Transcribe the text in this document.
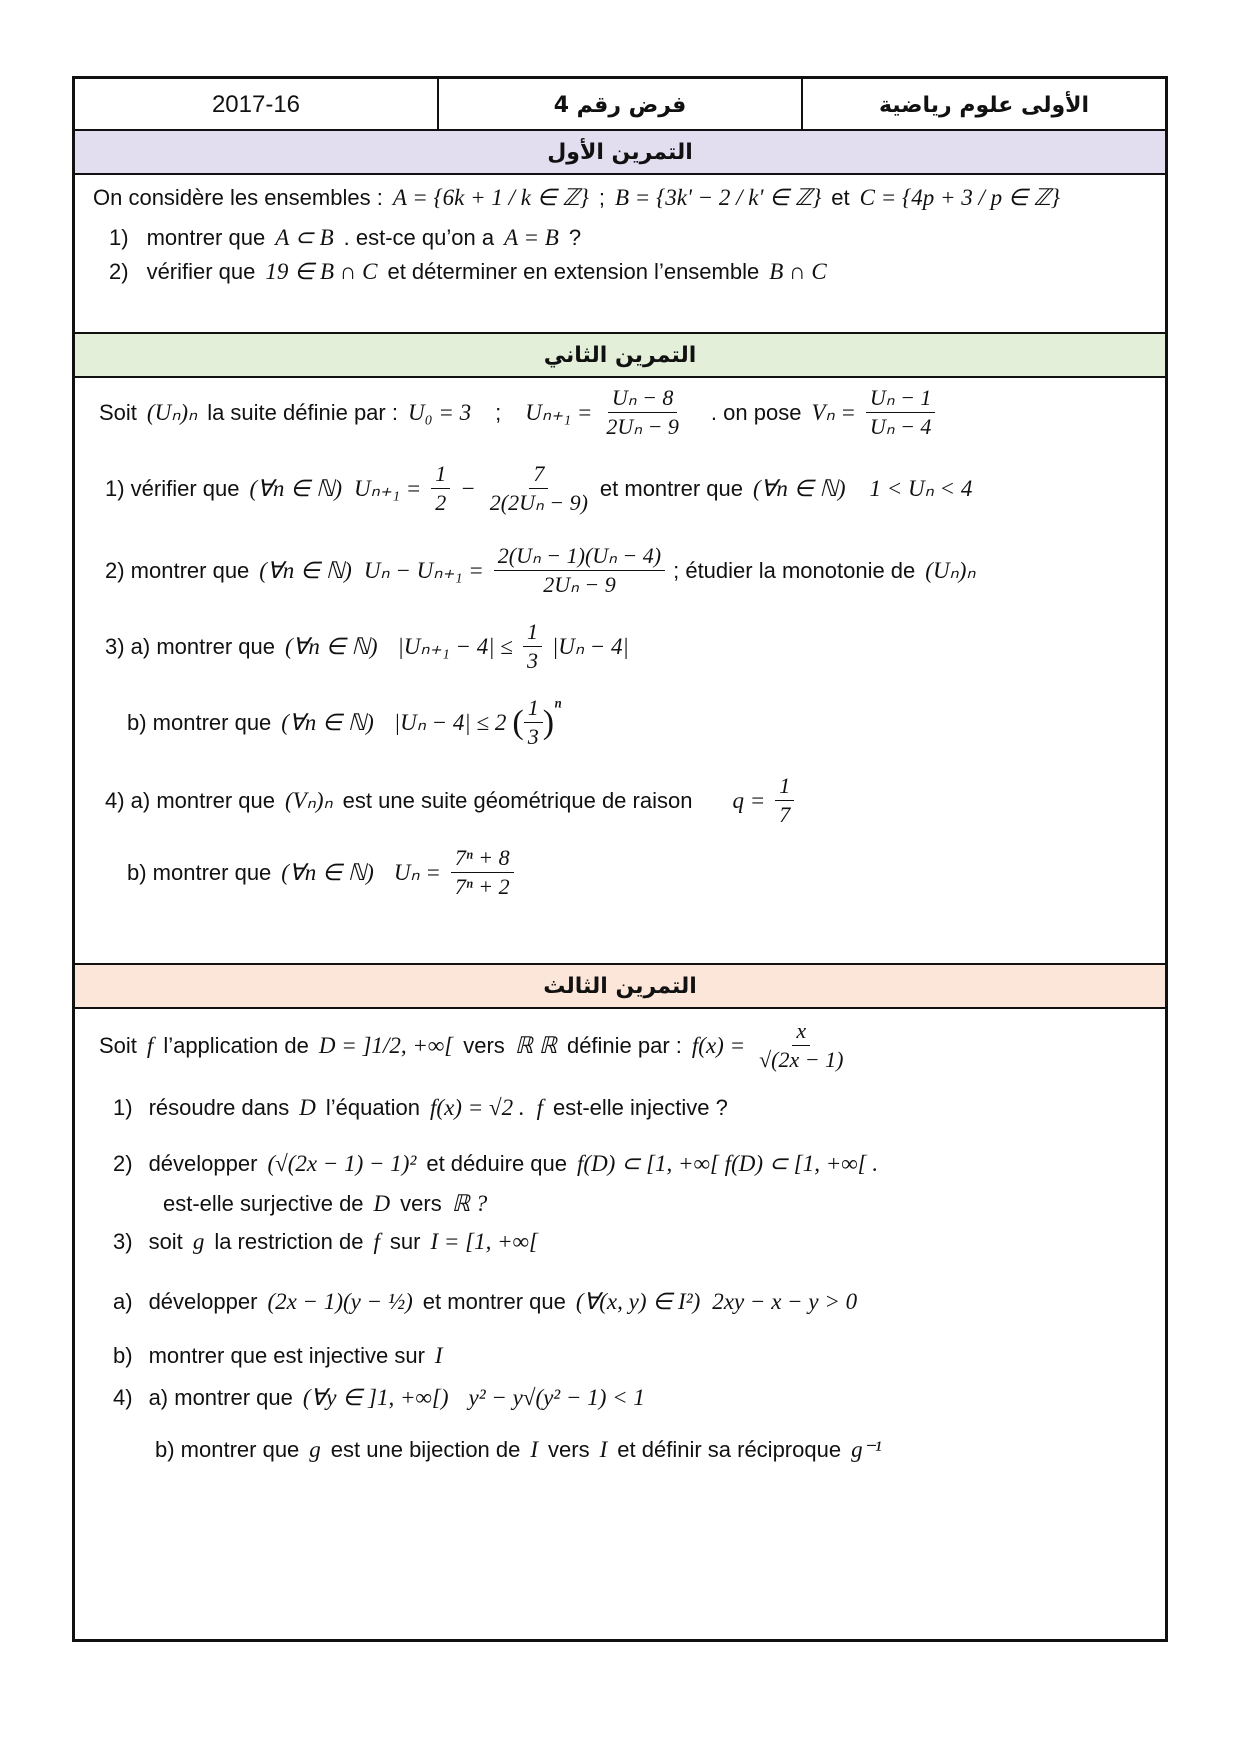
2017-16	فرض رقم 4	الأولى علوم رياضية
التمرين الأول
On considère les ensembles : A = {6k + 1 / k ∈ ℤ} ; B = {3k' − 2 / k' ∈ ℤ} et C = {4p + 3 / p ∈ ℤ}
1) montrer que A ⊂ B . est-ce qu’on a A = B ?
2) vérifier que 19 ∈ B ∩ C et déterminer en extension l’ensemble B ∩ C
التمرين الثاني
Soit (Uₙ)ₙ la suite définie par : U₀ = 3 ; $U_{n+1} = \frac{\text{Uₙ − 8}}{\text{2Uₙ − 9}}$ . on pose $V_n = \frac{\text{Uₙ − 1}}{\text{Uₙ − 4}}$
1) vérifier que (∀n ∈ ℕ) $U_{n+1} = \frac{1}{2} - \frac{7}{\text{2(2Uₙ − 9)}}$ et montrer que (∀n ∈ ℕ) 1 < Uₙ < 4
2) montrer que (∀n ∈ ℕ) $U_n - U_{n+1} = \frac{\text{2(Uₙ − 1)(Uₙ − 4)}}{\text{2Uₙ − 9}}$ ; étudier la monotonie de (Uₙ)ₙ
3) a) montrer que (∀n ∈ ℕ) $|U_{n+1} - 4| \le \frac{1}{3} |U_n - 4|$
b) montrer que (∀n ∈ ℕ) |Uₙ − 4| ≤ 2 ( $\frac{1}{3}$ ) ⁿ
4) a) montrer que (Vₙ)ₙ est une suite géométrique de raison $q = \frac{1}{7}$
b) montrer que (∀n ∈ ℕ) $U_n = \frac{\text{7ⁿ + 8}}{\text{7ⁿ + 2}}$
التمرين الثالث
Soit f l’application de D = ]1/2, +∞[ vers ℝ ℝ définie par : $f(x) = \frac{x}{√(2x - 1)}$
1) résoudre dans D l’équation f(x) = √2 . f est-elle injective ?
2) développer (√(2x − 1) − 1)² et déduire que f(D) ⊂ [1, +∞[ f(D) ⊂ [1, +∞[ .
est-elle surjective de D vers ℝ ?
3) soit g la restriction de f sur I = [1, +∞[
a) développer (2x − 1)(y − ½) et montrer que (∀(x, y) ∈ I²) 2xy − x − y > 0
b) montrer que est injective sur I
4) a) montrer que (∀y ∈ ]1, +∞[) y² − y√(y² − 1) < 1
b) montrer que g est une bijection de I vers I et définir sa réciproque g⁻¹
